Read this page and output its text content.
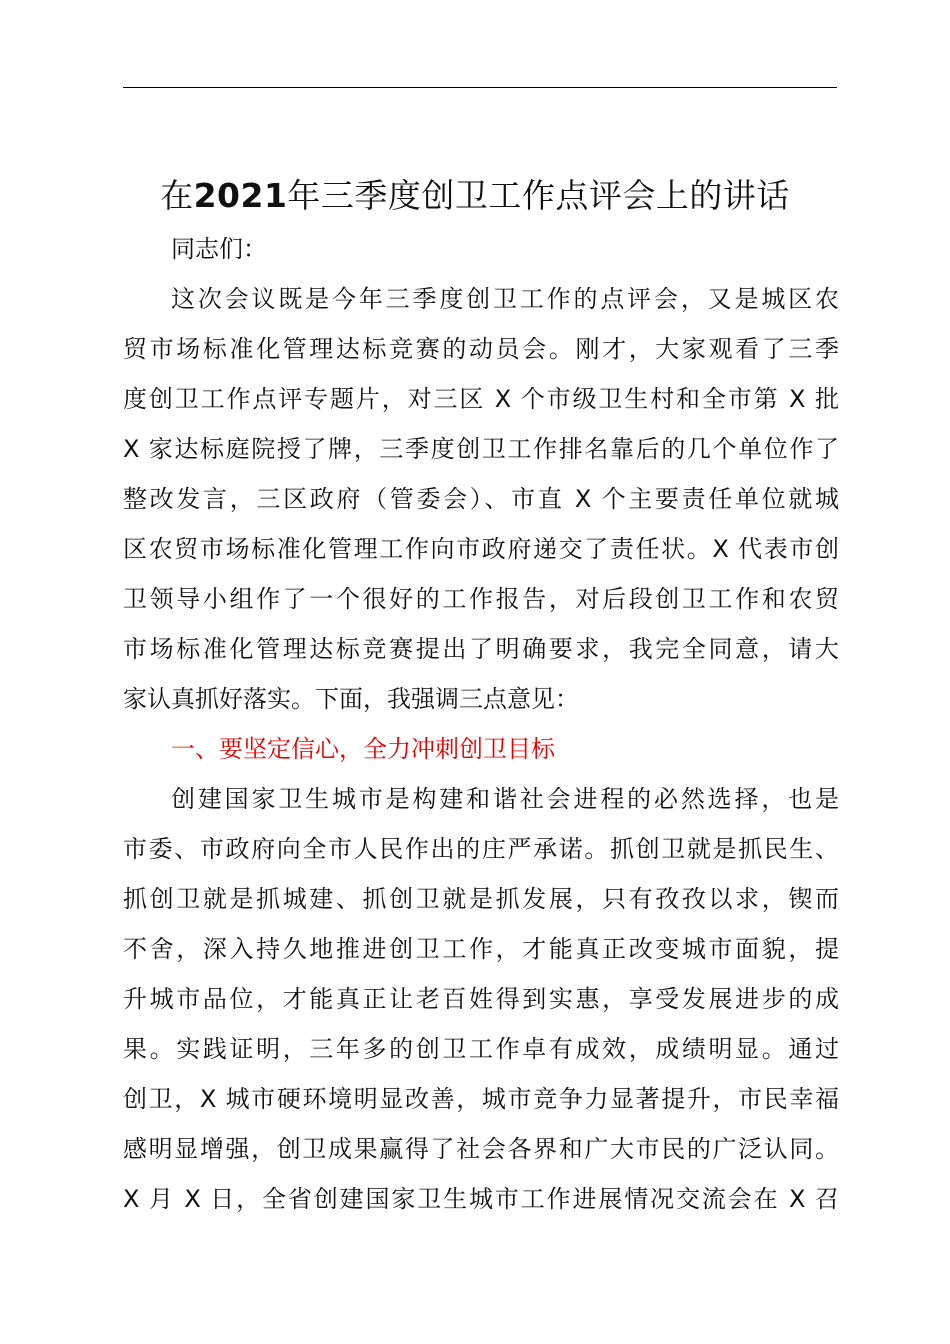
在2021年三季度创卫工作点评会上的讲话

同志们：

这次会议既是今年三季度创卫工作的点评会，又是城区农
贸市场标准化管理达标竞赛的动员会。刚才，大家观看了三季
度创卫工作点评专题片，对三区 X 个市级卫生村和全市第 X 批
X 家达标庭院授了牌，三季度创卫工作排名靠后的几个单位作了
整改发言，三区政府（管委会）、市直 X 个主要责任单位就城
区农贸市场标准化管理工作向市政府递交了责任状。X 代表市创
卫领导小组作了一个很好的工作报告，对后段创卫工作和农贸
市场标准化管理达标竞赛提出了明确要求，我完全同意，请大
家认真抓好落实。下面，我强调三点意见：

一、要坚定信心，全力冲刺创卫目标

创建国家卫生城市是构建和谐社会进程的必然选择，也是
市委、市政府向全市人民作出的庄严承诺。抓创卫就是抓民生、
抓创卫就是抓城建、抓创卫就是抓发展，只有孜孜以求，锲而
不舍，深入持久地推进创卫工作，才能真正改变城市面貌，提
升城市品位，才能真正让老百姓得到实惠，享受发展进步的成
果。实践证明，三年多的创卫工作卓有成效，成绩明显。通过
创卫，X 城市硬环境明显改善，城市竞争力显著提升，市民幸福
感明显增强，创卫成果赢得了社会各界和广大市民的广泛认同。
X 月 X 日，全省创建国家卫生城市工作进展情况交流会在 X 召
